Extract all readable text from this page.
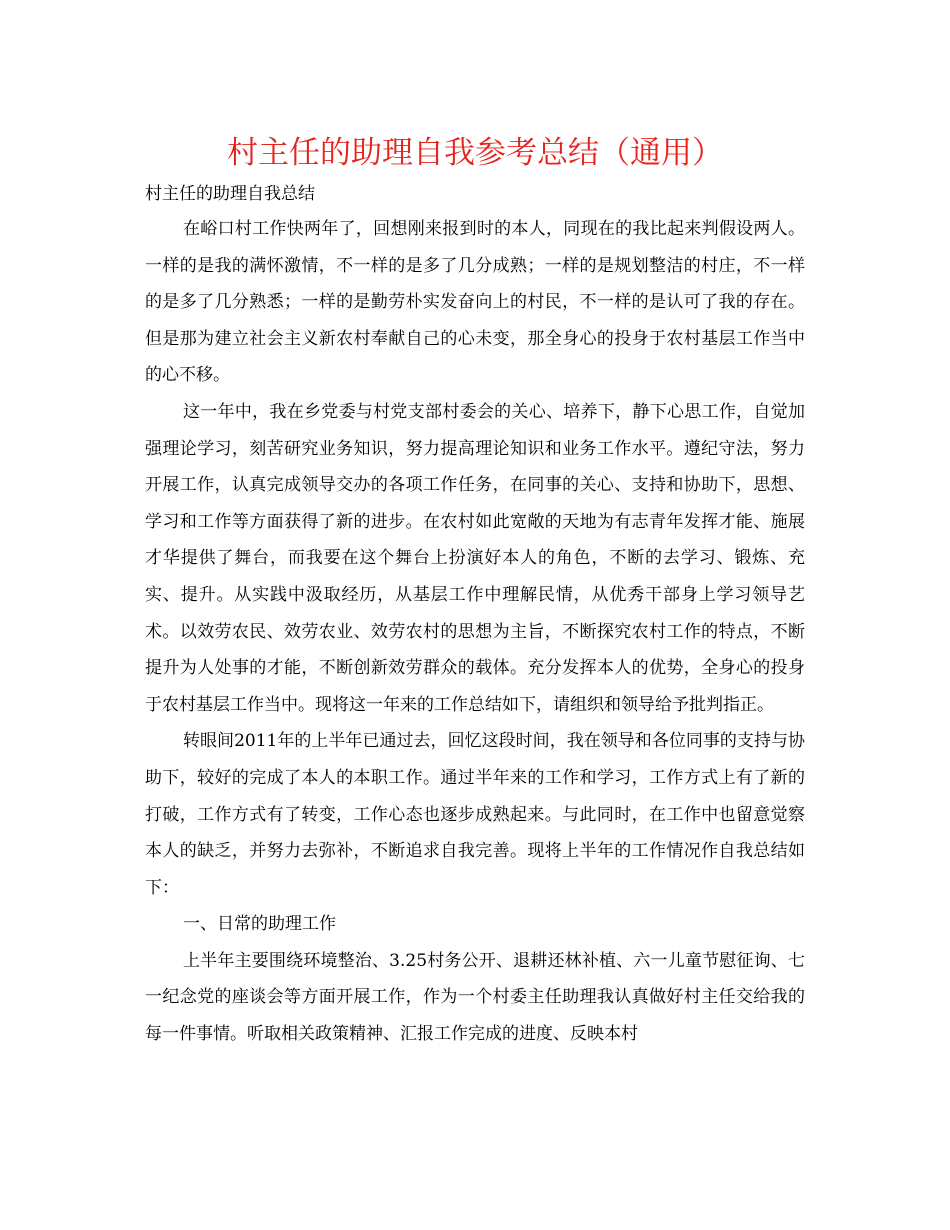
村主任的助理自我参考总结（通用）
村主任的助理自我总结

在峪口村工作快两年了，回想刚来报到时的本人，同现在的我比起来判假设两人。一样的是我的满怀激情，不一样的是多了几分成熟；一样的是规划整洁的村庄，不一样的是多了几分熟悉；一样的是勤劳朴实发奋向上的村民，不一样的是认可了我的存在。但是那为建立社会主义新农村奉献自己的心未变，那全身心的投身于农村基层工作当中的心不移。

这一年中，我在乡党委与村党支部村委会的关心、培养下，静下心思工作，自觉加强理论学习，刻苦研究业务知识，努力提高理论知识和业务工作水平。遵纪守法，努力开展工作，认真完成领导交办的各项工作任务，在同事的关心、支持和协助下，思想、学习和工作等方面获得了新的进步。在农村如此宽敞的天地为有志青年发挥才能、施展才华提供了舞台，而我要在这个舞台上扮演好本人的角色，不断的去学习、锻炼、充实、提升。从实践中汲取经历，从基层工作中理解民情，从优秀干部身上学习领导艺术。以效劳农民、效劳农业、效劳农村的思想为主旨，不断探究农村工作的特点，不断提升为人处事的才能，不断创新效劳群众的载体。充分发挥本人的优势，全身心的投身于农村基层工作当中。现将这一年来的工作总结如下，请组织和领导给予批判指正。

转眼间2011年的上半年已通过去，回忆这段时间，我在领导和各位同事的支持与协助下，较好的完成了本人的本职工作。通过半年来的工作和学习，工作方式上有了新的打破，工作方式有了转变，工作心态也逐步成熟起来。与此同时，在工作中也留意觉察本人的缺乏，并努力去弥补，不断追求自我完善。现将上半年的工作情况作自我总结如下：

一、日常的助理工作

上半年主要围绕环境整治、3.25村务公开、退耕还林补植、六一儿童节慰征询、七一纪念党的座谈会等方面开展工作，作为一个村委主任助理我认真做好村主任交给我的每一件事情。听取相关政策精神、汇报工作完成的进度、反映本村
